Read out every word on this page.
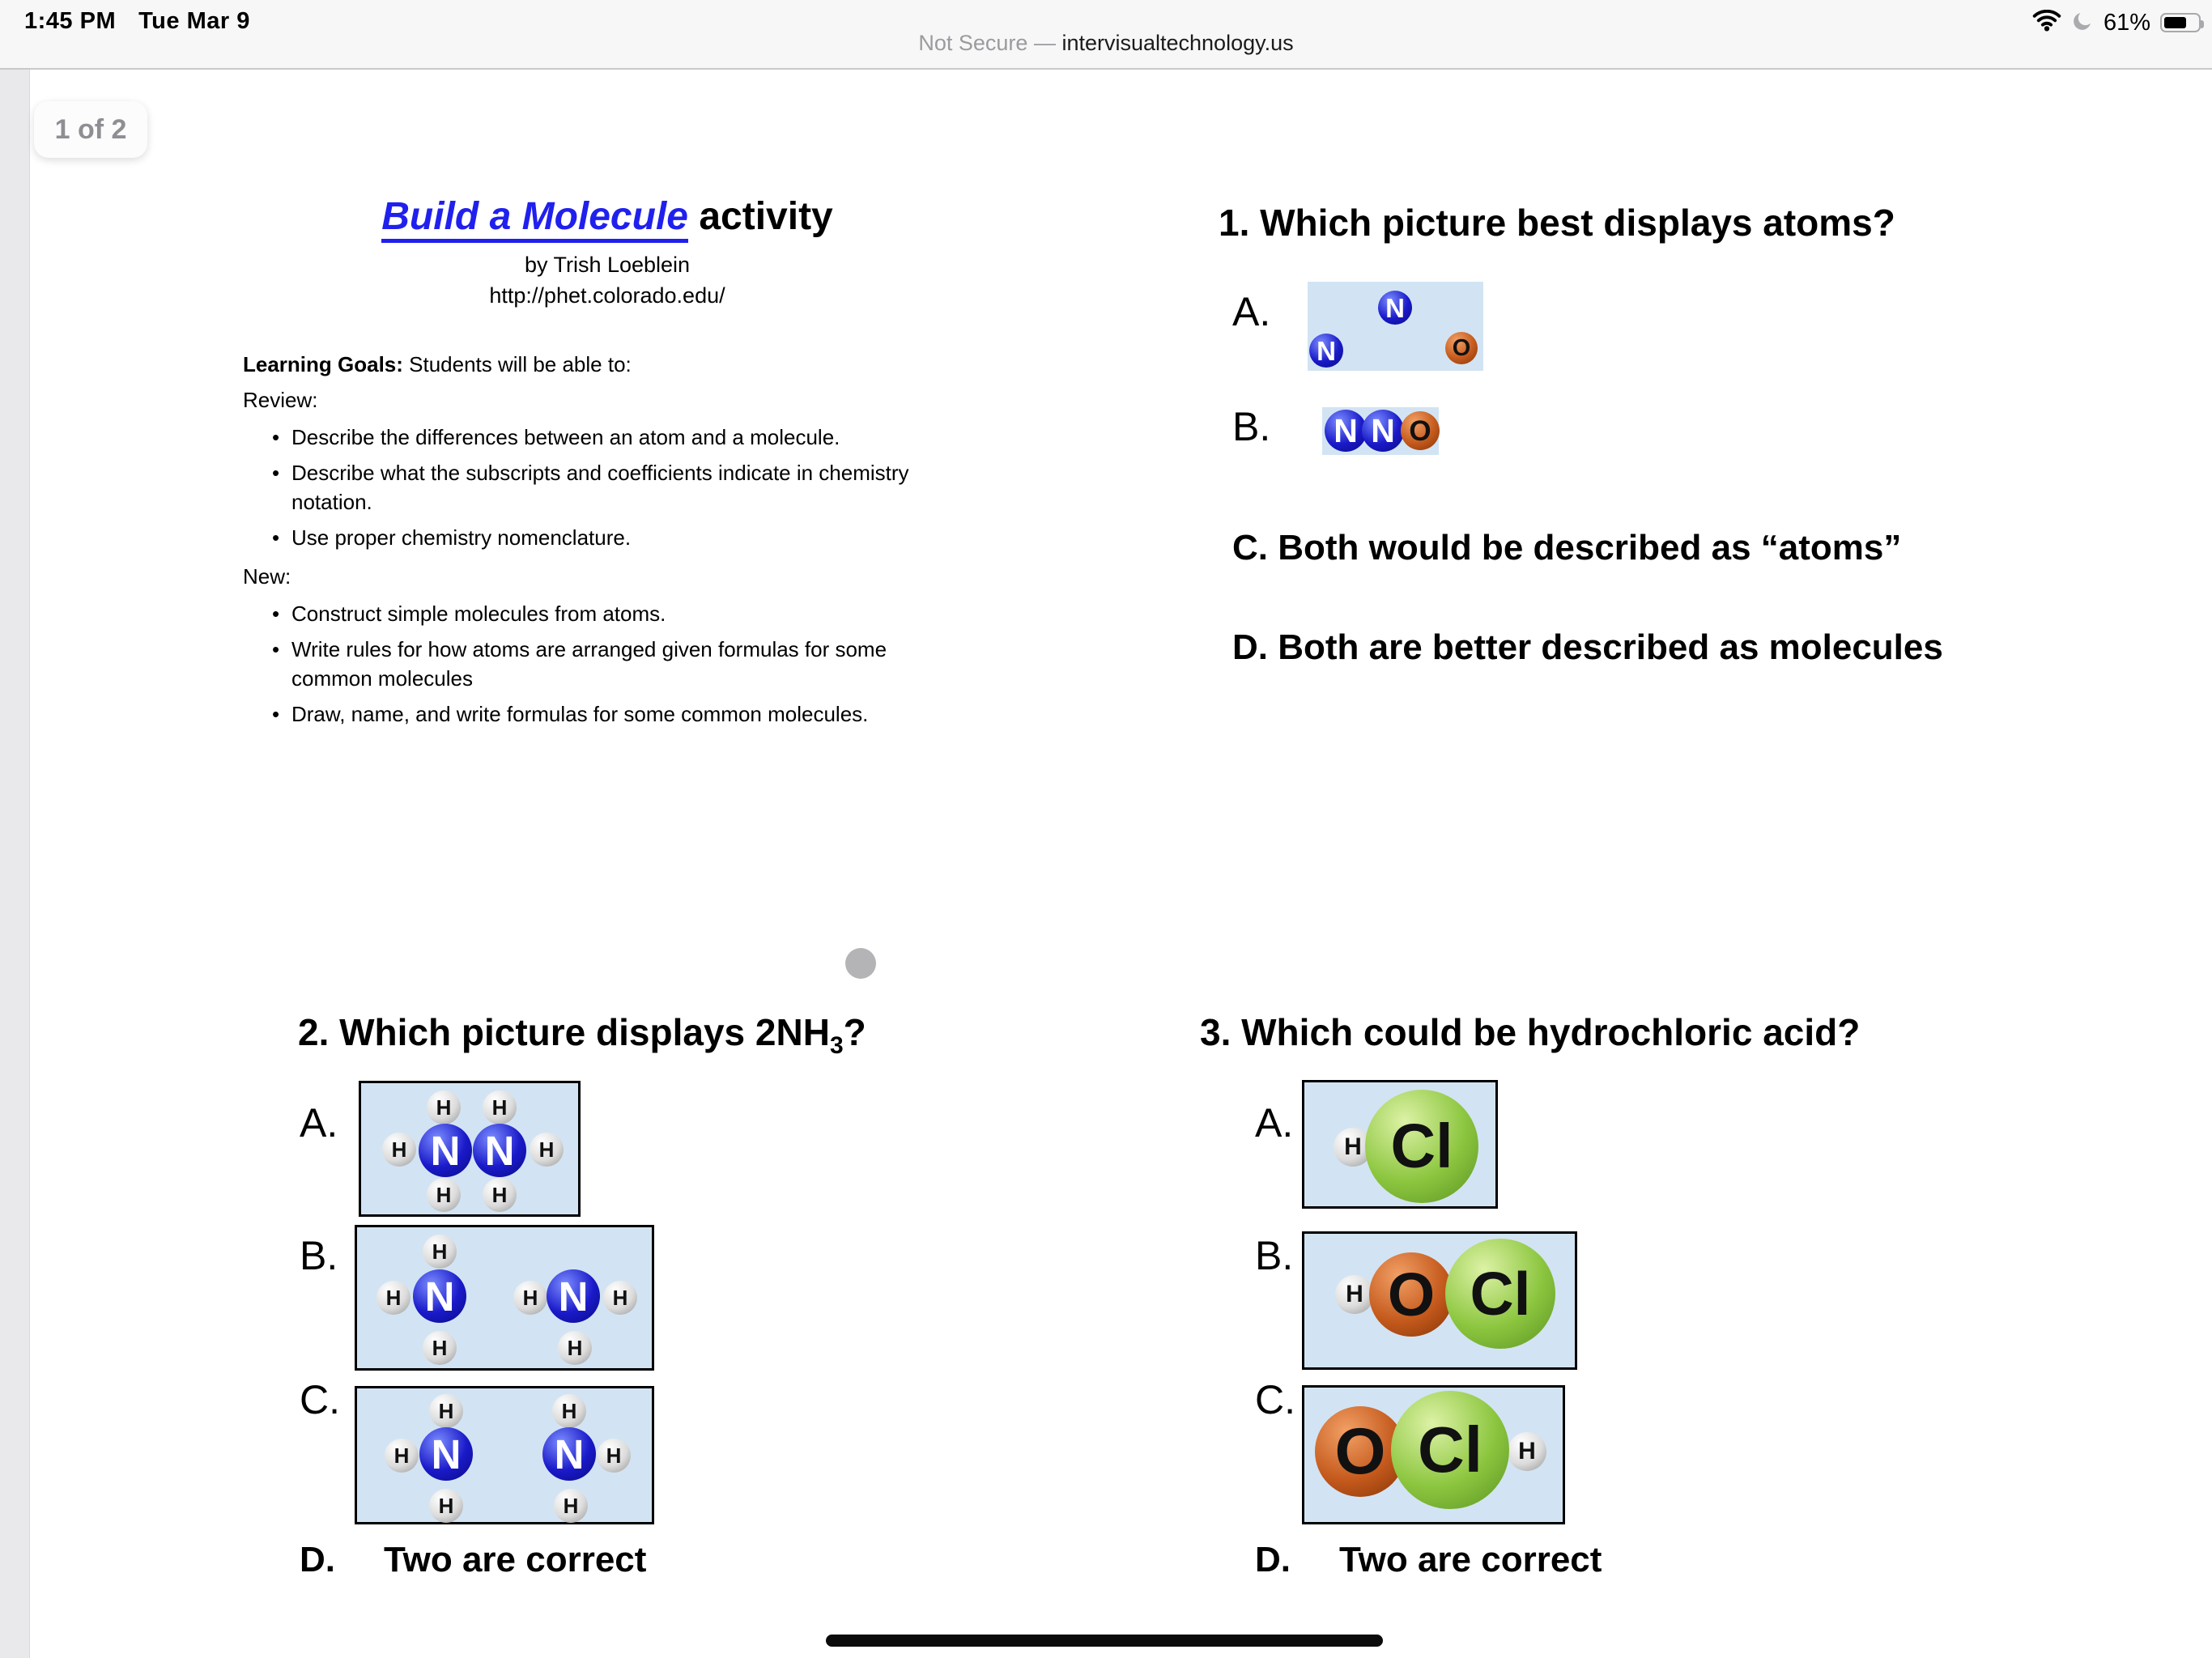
1:45 PM Tue Mar 9
Not Secure — intervisualtechnology.us
61%
1 of 2
Build a Molecule activity
by Trish Loeblein
http://phet.colorado.edu/
Learning Goals: Students will be able to:
Review:
• Describe the differences between an atom and a molecule.
• Describe what the subscripts and coefficients indicate in chemistry notation.
• Use proper chemistry nomenclature.
New:
• Construct simple molecules from atoms.
• Write rules for how atoms are arranged given formulas for some common molecules
• Draw, name, and write formulas for some common molecules.
1. Which picture best displays atoms?
A.	N
N	O
B. N N O
C. Both would be described as “atoms”
D. Both are better described as molecules
2. Which picture displays $2NH_3$?
A.	H	H
H	H
H	H
N N
B.	H
H
H
N	H	H
H
N
C.	H
H
H
N
H
H
H
N
D. Two are correct
3. Which could be hydrochloric acid?
A.
H Cl
B.
H O Cl
C.
H
O Cl
D. Two are correct
